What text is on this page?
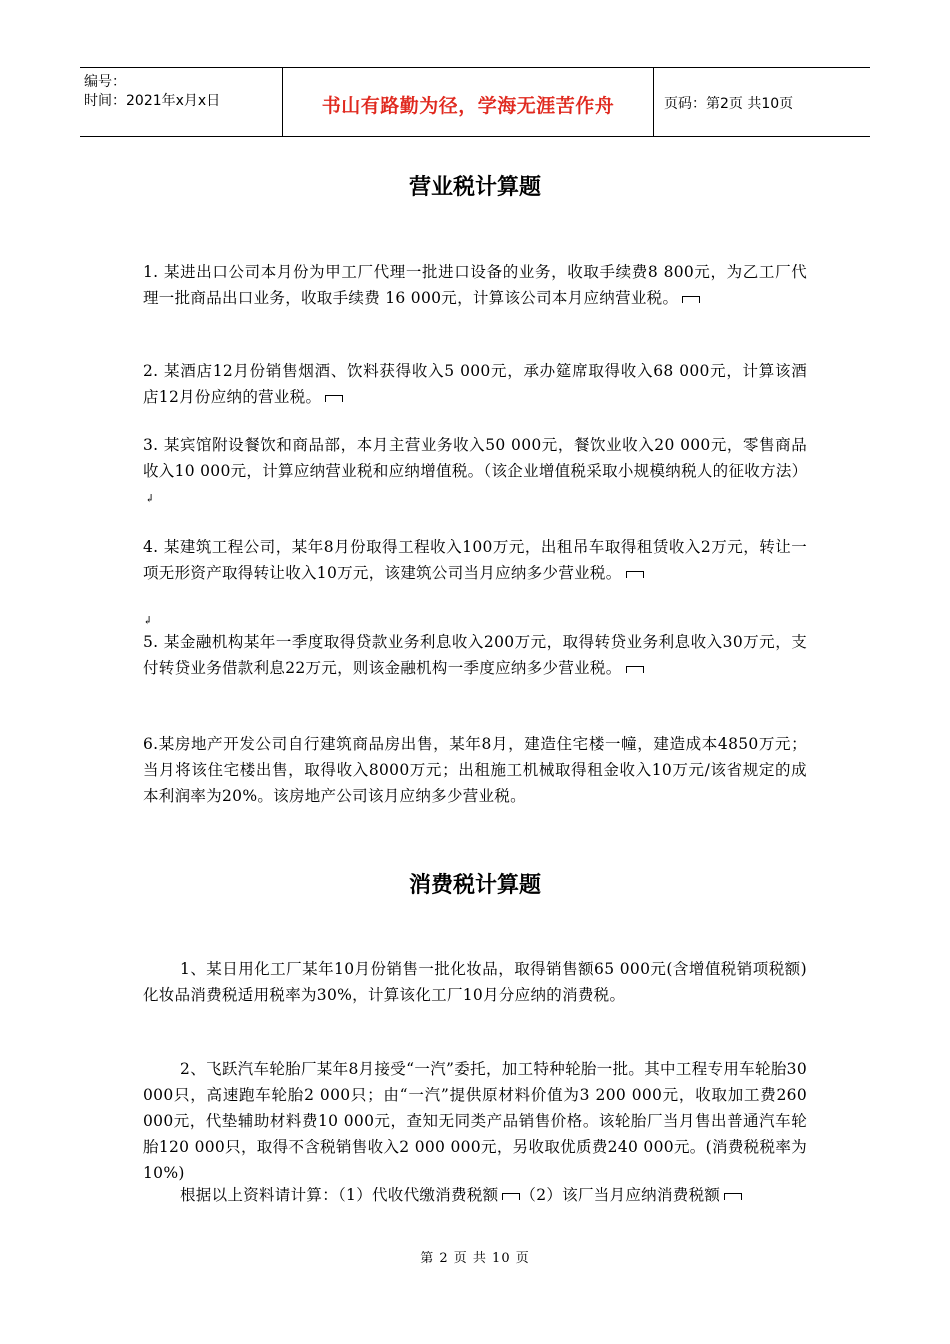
编号：
时间：2021年x月x日	书山有路勤为径，学海无涯苦作舟	页码：第2页 共10页
营业税计算题
1. 某进出口公司本月份为甲工厂代理一批进口设备的业务，收取手续费8 800元，为乙工厂代理一批商品出口业务，收取手续费 16 000元，计算该公司本月应纳营业税。
2. 某酒店12月份销售烟酒、饮料获得收入5 000元，承办筵席取得收入68 000元，计算该酒店12月份应纳的营业税。
3. 某宾馆附设餐饮和商品部，本月主营业务收入50 000元，餐饮业收入20 000元，零售商品收入10 000元，计算应纳营业税和应纳增值税。（该企业增值税采取小规模纳税人的征收方法）↲
4. 某建筑工程公司，某年8月份取得工程收入100万元，出租吊车取得租赁收入2万元，转让一项无形资产取得转让收入10万元，该建筑公司当月应纳多少营业税。
↲
5. 某金融机构某年一季度取得贷款业务利息收入200万元，取得转贷业务利息收入30万元，支付转贷业务借款利息22万元，则该金融机构一季度应纳多少营业税。
6.某房地产开发公司自行建筑商品房出售，某年8月，建造住宅楼一幢，建造成本4850万元；当月将该住宅楼出售，取得收入8000万元；出租施工机械取得租金收入10万元/该省规定的成本利润率为20%。该房地产公司该月应纳多少营业税。
消费税计算题
1、某日用化工厂某年10月份销售一批化妆品，取得销售额65 000元(含增值税销项税额)化妆品消费税适用税率为30%，计算该化工厂10月分应纳的消费税。
2、飞跃汽车轮胎厂某年8月接受“一汽”委托，加工特种轮胎一批。其中工程专用车轮胎30 000只，高速跑车轮胎2 000只；由“一汽”提供原材料价值为3 200 000元，收取加工费260 000元，代垫辅助材料费10 000元，查知无同类产品销售价格。该轮胎厂当月售出普通汽车轮胎120 000只，取得不含税销售收入2 000 000元，另收取优质费240 000元。(消费税税率为10%)
根据以上资料请计算：（1）代收代缴消费税额 （2）该厂当月应纳消费税额
第 2 页 共 10 页
